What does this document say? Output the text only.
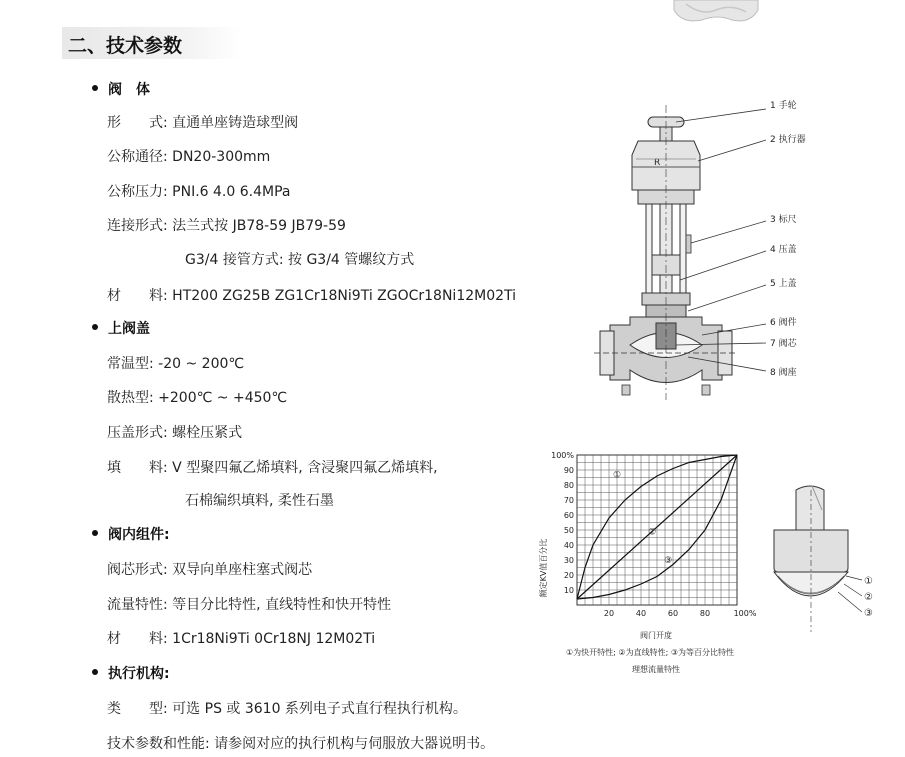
二、技术参数
阀　体
形　　式: 直通单座铸造球型阀
公称通径: DN20-300mm
公称压力: PNI.6 4.0 6.4MPa
连接形式: 法兰式按 JB78-59 JB79-59
G3/4 接管方式: 按 G3/4 管螺纹方式
材　　料: HT200 ZG25B ZG1Cr18Ni9Ti ZGOCr18Ni12M02Ti
上阀盖
常温型: -20 ~ 200℃
散热型: +200℃ ~ +450℃
压盖形式: 螺栓压紧式
填　　料: V 型聚四氟乙烯填料, 含浸聚四氟乙烯填料,
石棉编织填料, 柔性石墨
阀内组件:
阀芯形式: 双导向单座柱塞式阀芯
流量特性: 等目分比特性, 直线特性和快开特性
材　　料: 1Cr18Ni9Ti 0Cr18NJ 12M02Ti
执行机构:
类　　型: 可选 PS 或 3610 系列电子式直行程执行机构。
技术参数和性能: 请参阅对应的执行机构与伺服放大器说明书。
R
1 手轮
2 执行器
3 标尺
4 压盖
5 上盖
6 阀件
7 阀芯
8 阀座
①
②
③
10
20
30
40
50
60
70
80
90
100%
20	40	60	80	100%
额定KV值百分比
阀门开度
①为快开特性; ②为直线特性; ③为等百分比特性
理想流量特性
①
②
③
